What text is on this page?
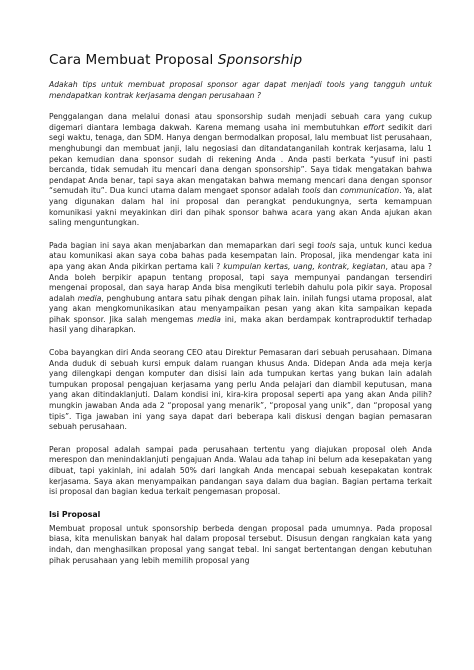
Cara Membuat Proposal Sponsorship

Adakah tips untuk membuat proposal sponsor agar dapat menjadi tools yang tangguh untuk mendapatkan kontrak kerjasama dengan perusahaan ?

Penggalangan dana melalui donasi atau sponsorship sudah menjadi sebuah cara yang cukup digemari diantara lembaga dakwah. Karena memang usaha ini membutuhkan effort sedikit dari segi waktu, tenaga, dan SDM. Hanya dengan bermodalkan proposal, lalu membuat list perusahaan, menghubungi dan membuat janji, lalu negosiasi dan ditandatanganilah kontrak kerjasama, lalu 1 pekan kemudian dana sponsor sudah di rekening Anda . Anda pasti berkata “yusuf ini pasti bercanda, tidak semudah itu mencari dana dengan sponsorship”. Saya tidak mengatakan bahwa pendapat Anda benar, tapi saya akan mengatakan bahwa memang mencari dana dengan sponsor “semudah itu”. Dua kunci utama dalam mengaet sponsor adalah tools dan communication. Ya, alat yang digunakan dalam hal ini proposal dan perangkat pendukungnya, serta kemampuan komunikasi yakni meyakinkan diri dan pihak sponsor bahwa acara yang akan Anda ajukan akan saling menguntungkan.

Pada bagian ini saya akan menjabarkan dan memaparkan dari segi tools saja, untuk kunci kedua atau komunikasi akan saya coba bahas pada kesempatan lain. Proposal, jika mendengar kata ini apa yang akan Anda pikirkan pertama kali ? kumpulan kertas, uang, kontrak, kegiatan, atau apa ? Anda boleh berpikir apapun tentang proposal, tapi saya mempunyai pandangan tersendiri mengenai proposal, dan saya harap Anda bisa mengikuti terlebih dahulu pola pikir saya. Proposal adalah media, penghubung antara satu pihak dengan pihak lain. inilah fungsi utama proposal, alat yang akan mengkomunikasikan atau menyampaikan pesan yang akan kita sampaikan kepada pihak sponsor. Jika salah mengemas media ini, maka akan berdampak kontraproduktif terhadap hasil yang diharapkan.

Coba bayangkan diri Anda seorang CEO atau Direktur Pemasaran dari sebuah perusahaan. Dimana Anda duduk di sebuah kursi empuk dalam ruangan khusus Anda. Didepan Anda ada meja kerja yang dilengkapi dengan komputer dan disisi lain ada tumpukan kertas yang bukan lain adalah tumpukan proposal pengajuan kerjasama yang perlu Anda pelajari dan diambil keputusan, mana yang akan ditindaklanjuti. Dalam kondisi ini, kira-kira proposal seperti apa yang akan Anda pilih? mungkin jawaban Anda ada 2 “proposal yang menarik”, “proposal yang unik”, dan “proposal yang tipis”. Tiga jawaban ini yang saya dapat dari beberapa kali diskusi dengan bagian pemasaran sebuah perusahaan.

Peran proposal adalah sampai pada perusahaan tertentu yang diajukan proposal oleh Anda merespon dan menindaklanjuti pengajuan Anda. Walau ada tahap ini belum ada kesepakatan yang dibuat, tapi yakinlah, ini adalah 50% dari langkah Anda mencapai sebuah kesepakatan kontrak kerjasama. Saya akan menyampaikan pandangan saya dalam dua bagian. Bagian pertama terkait isi proposal dan bagian kedua terkait pengemasan proposal.

Isi Proposal

Membuat proposal untuk sponsorship berbeda dengan proposal pada umumnya. Pada proposal biasa, kita menuliskan banyak hal dalam proposal tersebut. Disusun dengan rangkaian kata yang indah, dan menghasilkan proposal yang sangat tebal. Ini sangat bertentangan dengan kebutuhan pihak perusahaan yang lebih memilih proposal yang
